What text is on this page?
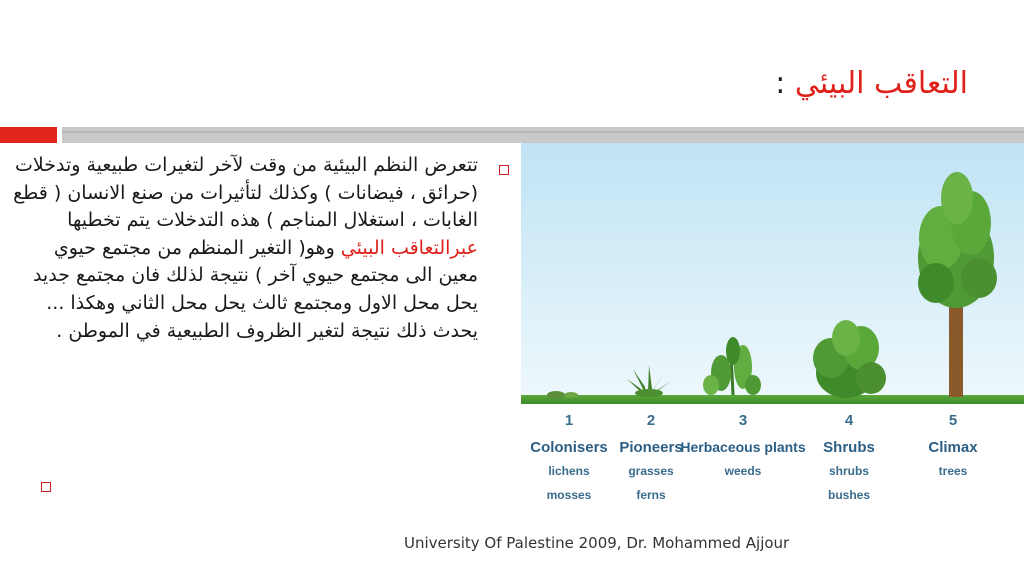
التعاقب البيئي :
تتعرض النظم البيئية من وقت لآخر لتغيرات طبيعية وتدخلات (حرائق ، فيضانات ) وكذلك لتأثيرات من صنع الانسان ( قطع الغابات ، استغلال المناجم ) هذه التدخلات يتم تخطيها عبرالتعاقب البيئي وهو( التغير المنظم من مجتمع حيوي معين الى مجتمع حيوي آخر ) نتيجة لذلك فان مجتمع جديد يحل محل الاول ومجتمع ثالث يحل محل الثاني وهكذا ... يحدث ذلك نتيجة لتغير الظروف الطبيعية في الموطن .
1
Colonisers
lichens
mosses
2
Pioneers
grasses
ferns
3
Herbaceous plants
weeds
4
Shrubs
shrubs
bushes
5
Climax
trees
University Of Palestine 2009, Dr. Mohammed Ajjour
